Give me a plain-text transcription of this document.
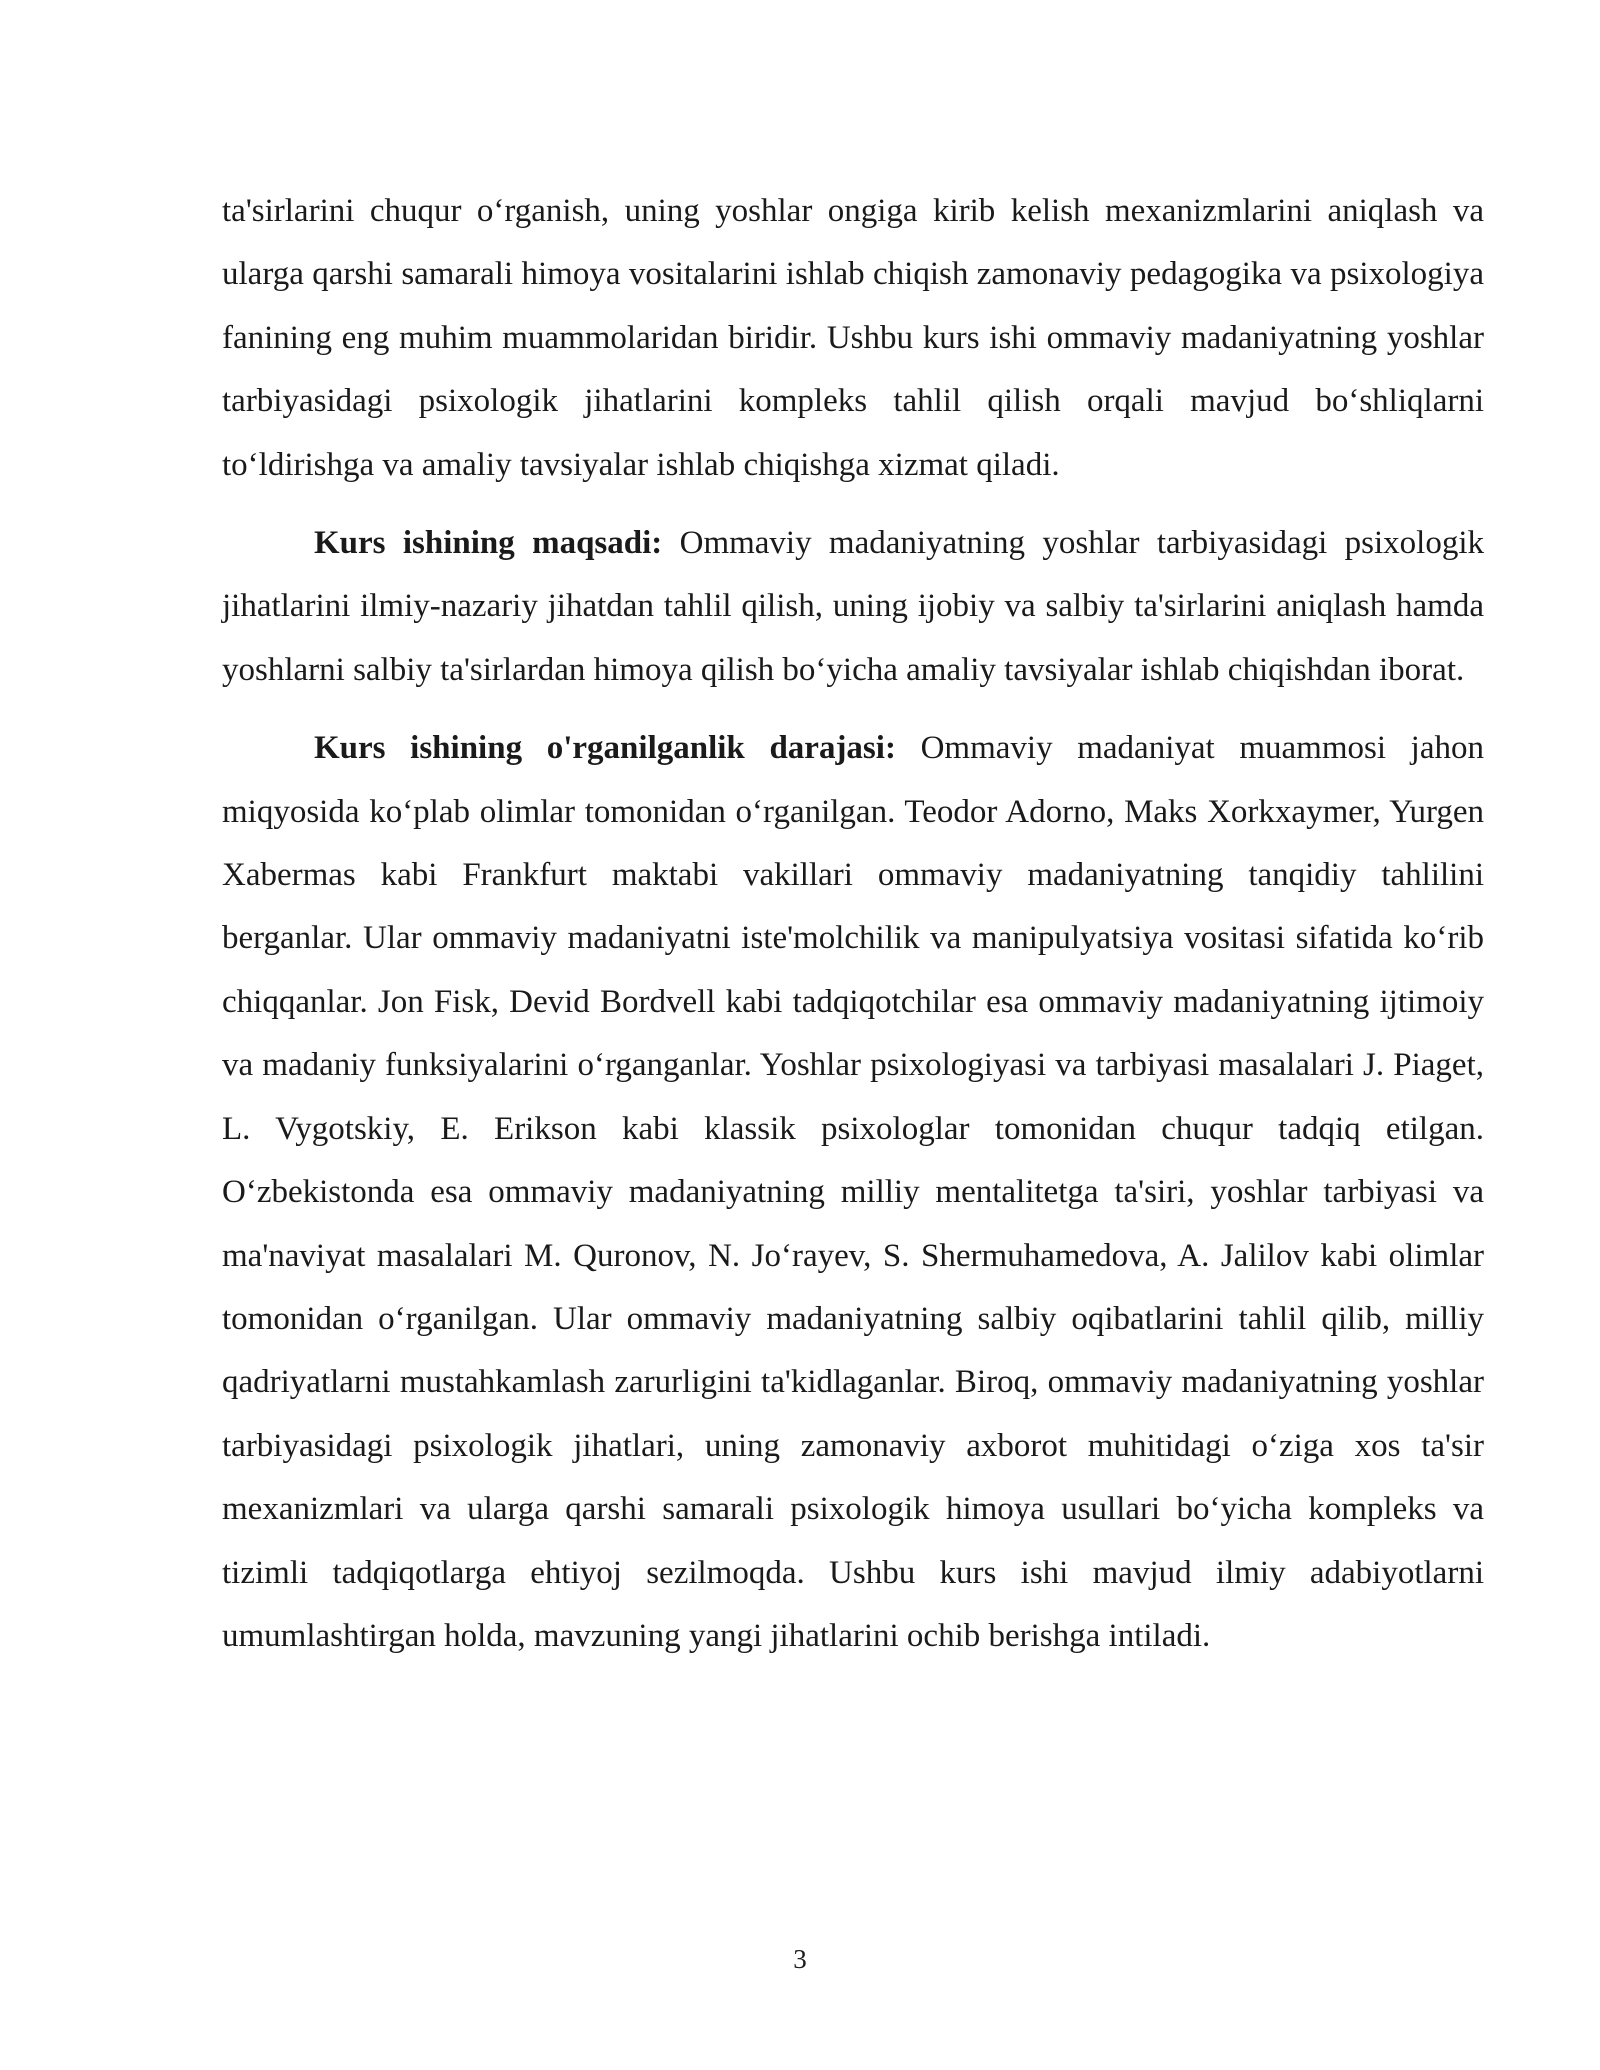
ta'sirlarini chuqur o‘rganish, uning yoshlar ongiga kirib kelish mexanizmlarini aniqlash va ularga qarshi samarali himoya vositalarini ishlab chiqish zamonaviy pedagogika va psixologiya fanining eng muhim muammolaridan biridir. Ushbu kurs ishi ommaviy madaniyatning yoshlar tarbiyasidagi psixologik jihatlarini kompleks tahlil qilish orqali mavjud bo‘shliqlarni to‘ldirishga va amaliy tavsiyalar ishlab chiqishga xizmat qiladi.

Kurs ishining maqsadi: Ommaviy madaniyatning yoshlar tarbiyasidagi psixologik jihatlarini ilmiy-nazariy jihatdan tahlil qilish, uning ijobiy va salbiy ta'sirlarini aniqlash hamda yoshlarni salbiy ta'sirlardan himoya qilish bo‘yicha amaliy tavsiyalar ishlab chiqishdan iborat.

Kurs ishining o'rganilganlik darajasi: Ommaviy madaniyat muammosi jahon miqyosida ko‘plab olimlar tomonidan o‘rganilgan. Teodor Adorno, Maks Xorkxaymer, Yurgen Xabermas kabi Frankfurt maktabi vakillari ommaviy madaniyatning tanqidiy tahlilini berganlar. Ular ommaviy madaniyatni iste'molchilik va manipulyatsiya vositasi sifatida ko‘rib chiqqanlar. Jon Fisk, Devid Bordvell kabi tadqiqotchilar esa ommaviy madaniyatning ijtimoiy va madaniy funksiyalarini o‘rganganlar. Yoshlar psixologiyasi va tarbiyasi masalalari J. Piaget, L. Vygotskiy, E. Erikson kabi klassik psixologlar tomonidan chuqur tadqiq etilgan. O‘zbekistonda esa ommaviy madaniyatning milliy mentalitetga ta'siri, yoshlar tarbiyasi va ma'naviyat masalalari M. Quronov, N. Jo‘rayev, S. Shermuhamedova, A. Jalilov kabi olimlar tomonidan o‘rganilgan. Ular ommaviy madaniyatning salbiy oqibatlarini tahlil qilib, milliy qadriyatlarni mustahkamlash zarurligini ta'kidlaganlar. Biroq, ommaviy madaniyatning yoshlar tarbiyasidagi psixologik jihatlari, uning zamonaviy axborot muhitidagi o‘ziga xos ta'sir mexanizmlari va ularga qarshi samarali psixologik himoya usullari bo‘yicha kompleks va tizimli tadqiqotlarga ehtiyoj sezilmoqda. Ushbu kurs ishi mavjud ilmiy adabiyotlarni umumlashtirgan holda, mavzuning yangi jihatlarini ochib berishga intiladi.

3
